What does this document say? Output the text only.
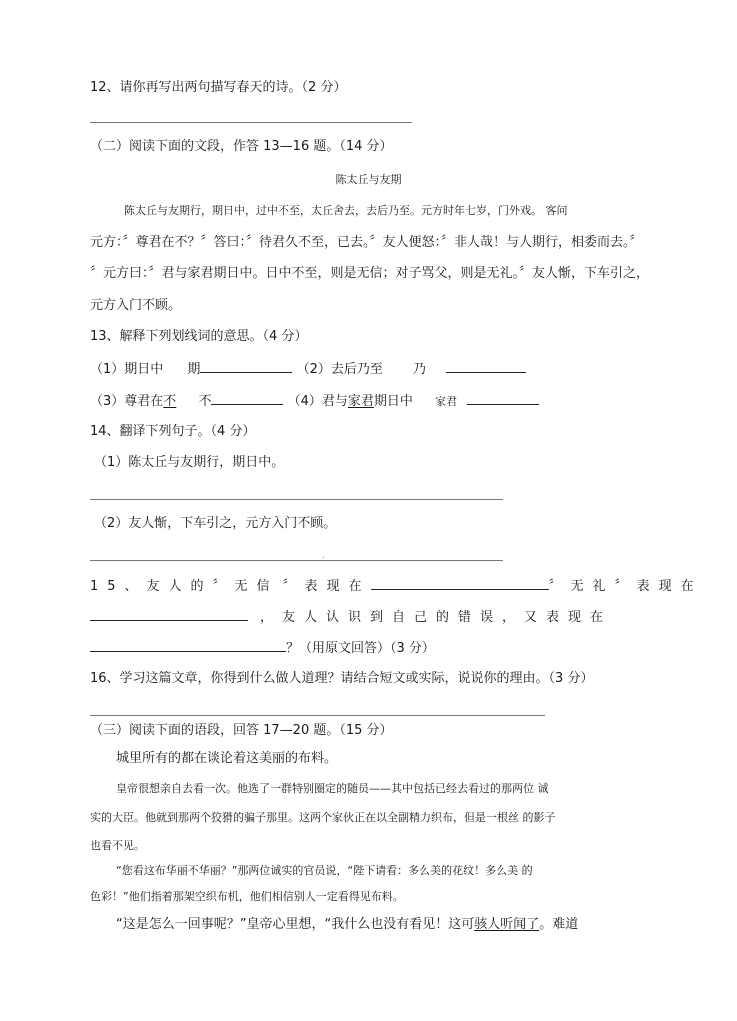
12、请你再写出两句描写春天的诗。（2 分）
（二）阅读下面的文段，作答 13—16 题。（14 分）
陈太丘与友期
陈太丘与友期行，期日中，过中不至，太丘舍去，去后乃至。元方时年七岁，门外戏。 客问
元方：〞尊君在不？〞答曰：〞待君久不至，已去。〞友人便怒：〞非人哉！与人期行，相委而去。〞
〞元方曰：〞君与家君期日中。日中不至，则是无信；对子骂父，则是无礼。〞友人惭，下车引之，
元方入门不顾。
13、解释下列划线词的意思。（4 分）
（1）期日中 期	（2）去后乃至 乃
（3）尊君在不 不	（4）君与家君期日中 家君
14、翻译下列句子。（4 分）
（1）陈太丘与友期行，期日中。
（2）友人惭，下车引之，元方入门不顾。
.
15、友人的〞无信 〞表现在	〞无礼〞表现在
，友人认识到自己的错误，又表现在
？（用原文回答）（3 分）
16、学习这篇文章，你得到什么做人道理？请结合短文或实际，说说你的理由。（3 分）
（三）阅读下面的语段，回答 17—20 题。（15 分）
城里所有的都在谈论着这美丽的布料。
皇帝很想亲自去看一次。他选了一群特别圈定的随员——其中包括已经去看过的那两位 诚
实的大臣。他就到那两个狡猾的骗子那里。这两个家伙正在以全副精力织布，但是一根丝 的影子
也看不见。
“您看这布华丽不华丽？”那两位诚实的官员说，“陛下请看：多么美的花纹！多么美 的
色彩！”他们指着那架空织布机，他们相信别人一定看得见布料。
“这是怎么一回事呢？”皇帝心里想，“我什么也没有看见！这可骇人听闻了。难道
